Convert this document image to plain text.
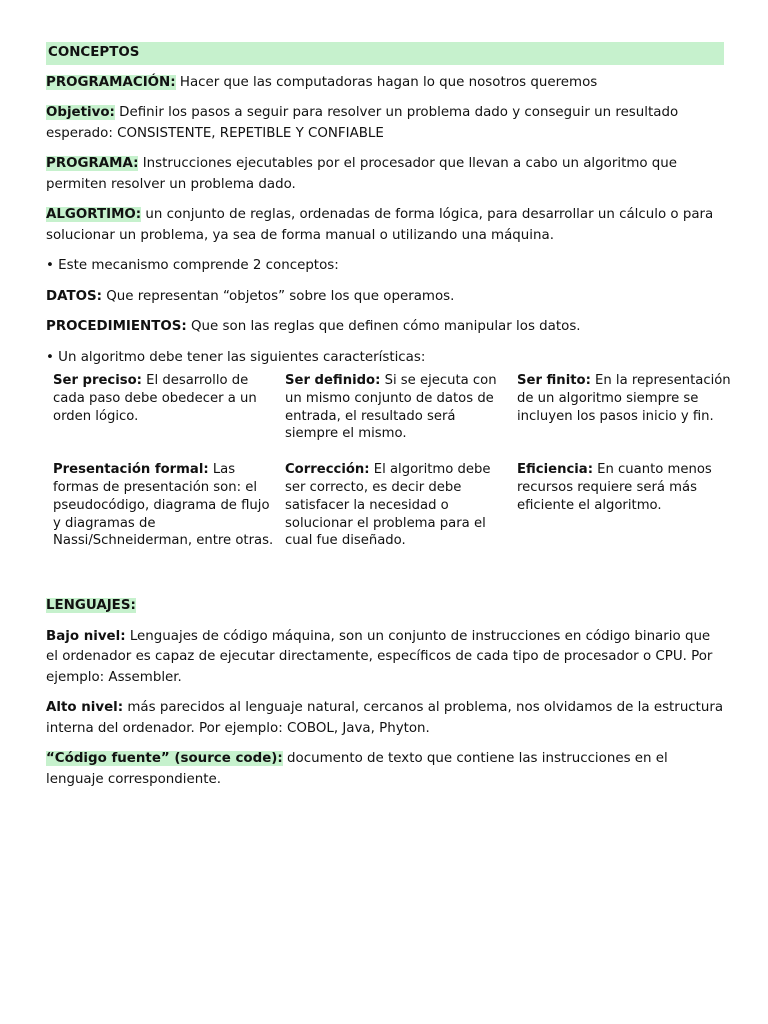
CONCEPTOS

PROGRAMACIÓN: Hacer que las computadoras hagan lo que nosotros queremos

Objetivo: Definir los pasos a seguir para resolver un problema dado y conseguir un resultado esperado: CONSISTENTE, REPETIBLE Y CONFIABLE

PROGRAMA: Instrucciones ejecutables por el procesador que llevan a cabo un algoritmo que permiten resolver un problema dado.

ALGORTIMO: un conjunto de reglas, ordenadas de forma lógica, para desarrollar un cálculo o para solucionar un problema, ya sea de forma manual o utilizando una máquina.

• Este mecanismo comprende 2 conceptos:

DATOS: Que representan “objetos” sobre los que operamos.

PROCEDIMIENTOS: Que son las reglas que definen cómo manipular los datos.

• Un algoritmo debe tener las siguientes características:

Ser preciso: El desarrollo de cada paso debe obedecer a un orden lógico.
Ser definido: Si se ejecuta con un mismo conjunto de datos de entrada, el resultado será siempre el mismo.
Ser finito: En la representación de un algoritmo siempre se incluyen los pasos inicio y fin.
Presentación formal: Las formas de presentación son: el pseudocódigo, diagrama de flujo y diagramas de Nassi/Schneiderman, entre otras.
Corrección: El algoritmo debe ser correcto, es decir debe satisfacer la necesidad o solucionar el problema para el cual fue diseñado.
Eficiencia: En cuanto menos recursos requiere será más eficiente el algoritmo.

LENGUAJES:

Bajo nivel: Lenguajes de código máquina, son un conjunto de instrucciones en código binario que el ordenador es capaz de ejecutar directamente, específicos de cada tipo de procesador o CPU. Por ejemplo: Assembler.

Alto nivel: más parecidos al lenguaje natural, cercanos al problema, nos olvidamos de la estructura interna del ordenador. Por ejemplo: COBOL, Java, Phyton.

“Código fuente” (source code): documento de texto que contiene las instrucciones en el lenguaje correspondiente.
